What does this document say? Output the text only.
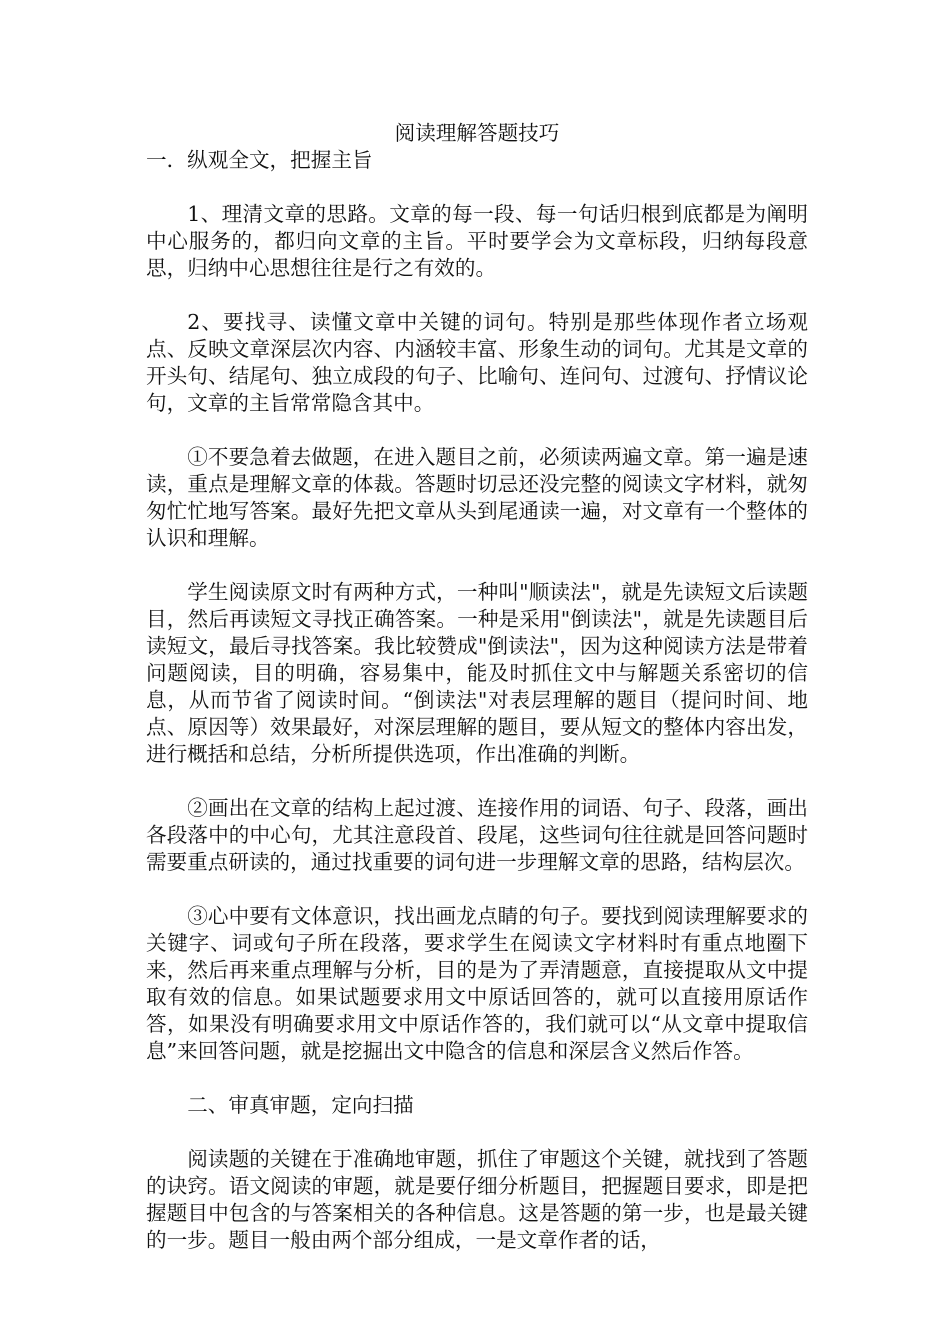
阅读理解答题技巧
一．纵观全文，把握主旨

1、理清文章的思路。文章的每一段、每一句话归根到底都是为阐明中心服务的，都归向文章的主旨。平时要学会为文章标段，归纳每段意思，归纳中心思想往往是行之有效的。

2、要找寻、读懂文章中关键的词句。特别是那些体现作者立场观点、反映文章深层次内容、内涵较丰富、形象生动的词句。尤其是文章的开头句、结尾句、独立成段的句子、比喻句、连问句、过渡句、抒情议论句，文章的主旨常常隐含其中。

①不要急着去做题，在进入题目之前，必须读两遍文章。第一遍是速读，重点是理解文章的体裁。答题时切忌还没完整的阅读文字材料，就匆匆忙忙地写答案。最好先把文章从头到尾通读一遍，对文章有一个整体的认识和理解。

学生阅读原文时有两种方式，一种叫"顺读法"，就是先读短文后读题目，然后再读短文寻找正确答案。一种是采用"倒读法"，就是先读题目后读短文，最后寻找答案。我比较赞成"倒读法"，因为这种阅读方法是带着问题阅读，目的明确，容易集中，能及时抓住文中与解题关系密切的信息，从而节省了阅读时间。“倒读法"对表层理解的题目（提问时间、地点、原因等）效果最好，对深层理解的题目，要从短文的整体内容出发，进行概括和总结，分析所提供选项，作出准确的判断。

②画出在文章的结构上起过渡、连接作用的词语、句子、段落，画出各段落中的中心句，尤其注意段首、段尾，这些词句往往就是回答问题时需要重点研读的，通过找重要的词句进一步理解文章的思路，结构层次。

③心中要有文体意识，找出画龙点睛的句子。要找到阅读理解要求的关键字、词或句子所在段落，要求学生在阅读文字材料时有重点地圈下来，然后再来重点理解与分析，目的是为了弄清题意，直接提取从文中提取有效的信息。如果试题要求用文中原话回答的，就可以直接用原话作答，如果没有明确要求用文中原话作答的，我们就可以“从文章中提取信息”来回答问题，就是挖掘出文中隐含的信息和深层含义然后作答。

二、审真审题，定向扫描

阅读题的关键在于准确地审题，抓住了审题这个关键，就找到了答题的诀窍。语文阅读的审题，就是要仔细分析题目，把握题目要求，即是把握题目中包含的与答案相关的各种信息。这是答题的第一步，也是最关键的一步。题目一般由两个部分组成，一是文章作者的话，
